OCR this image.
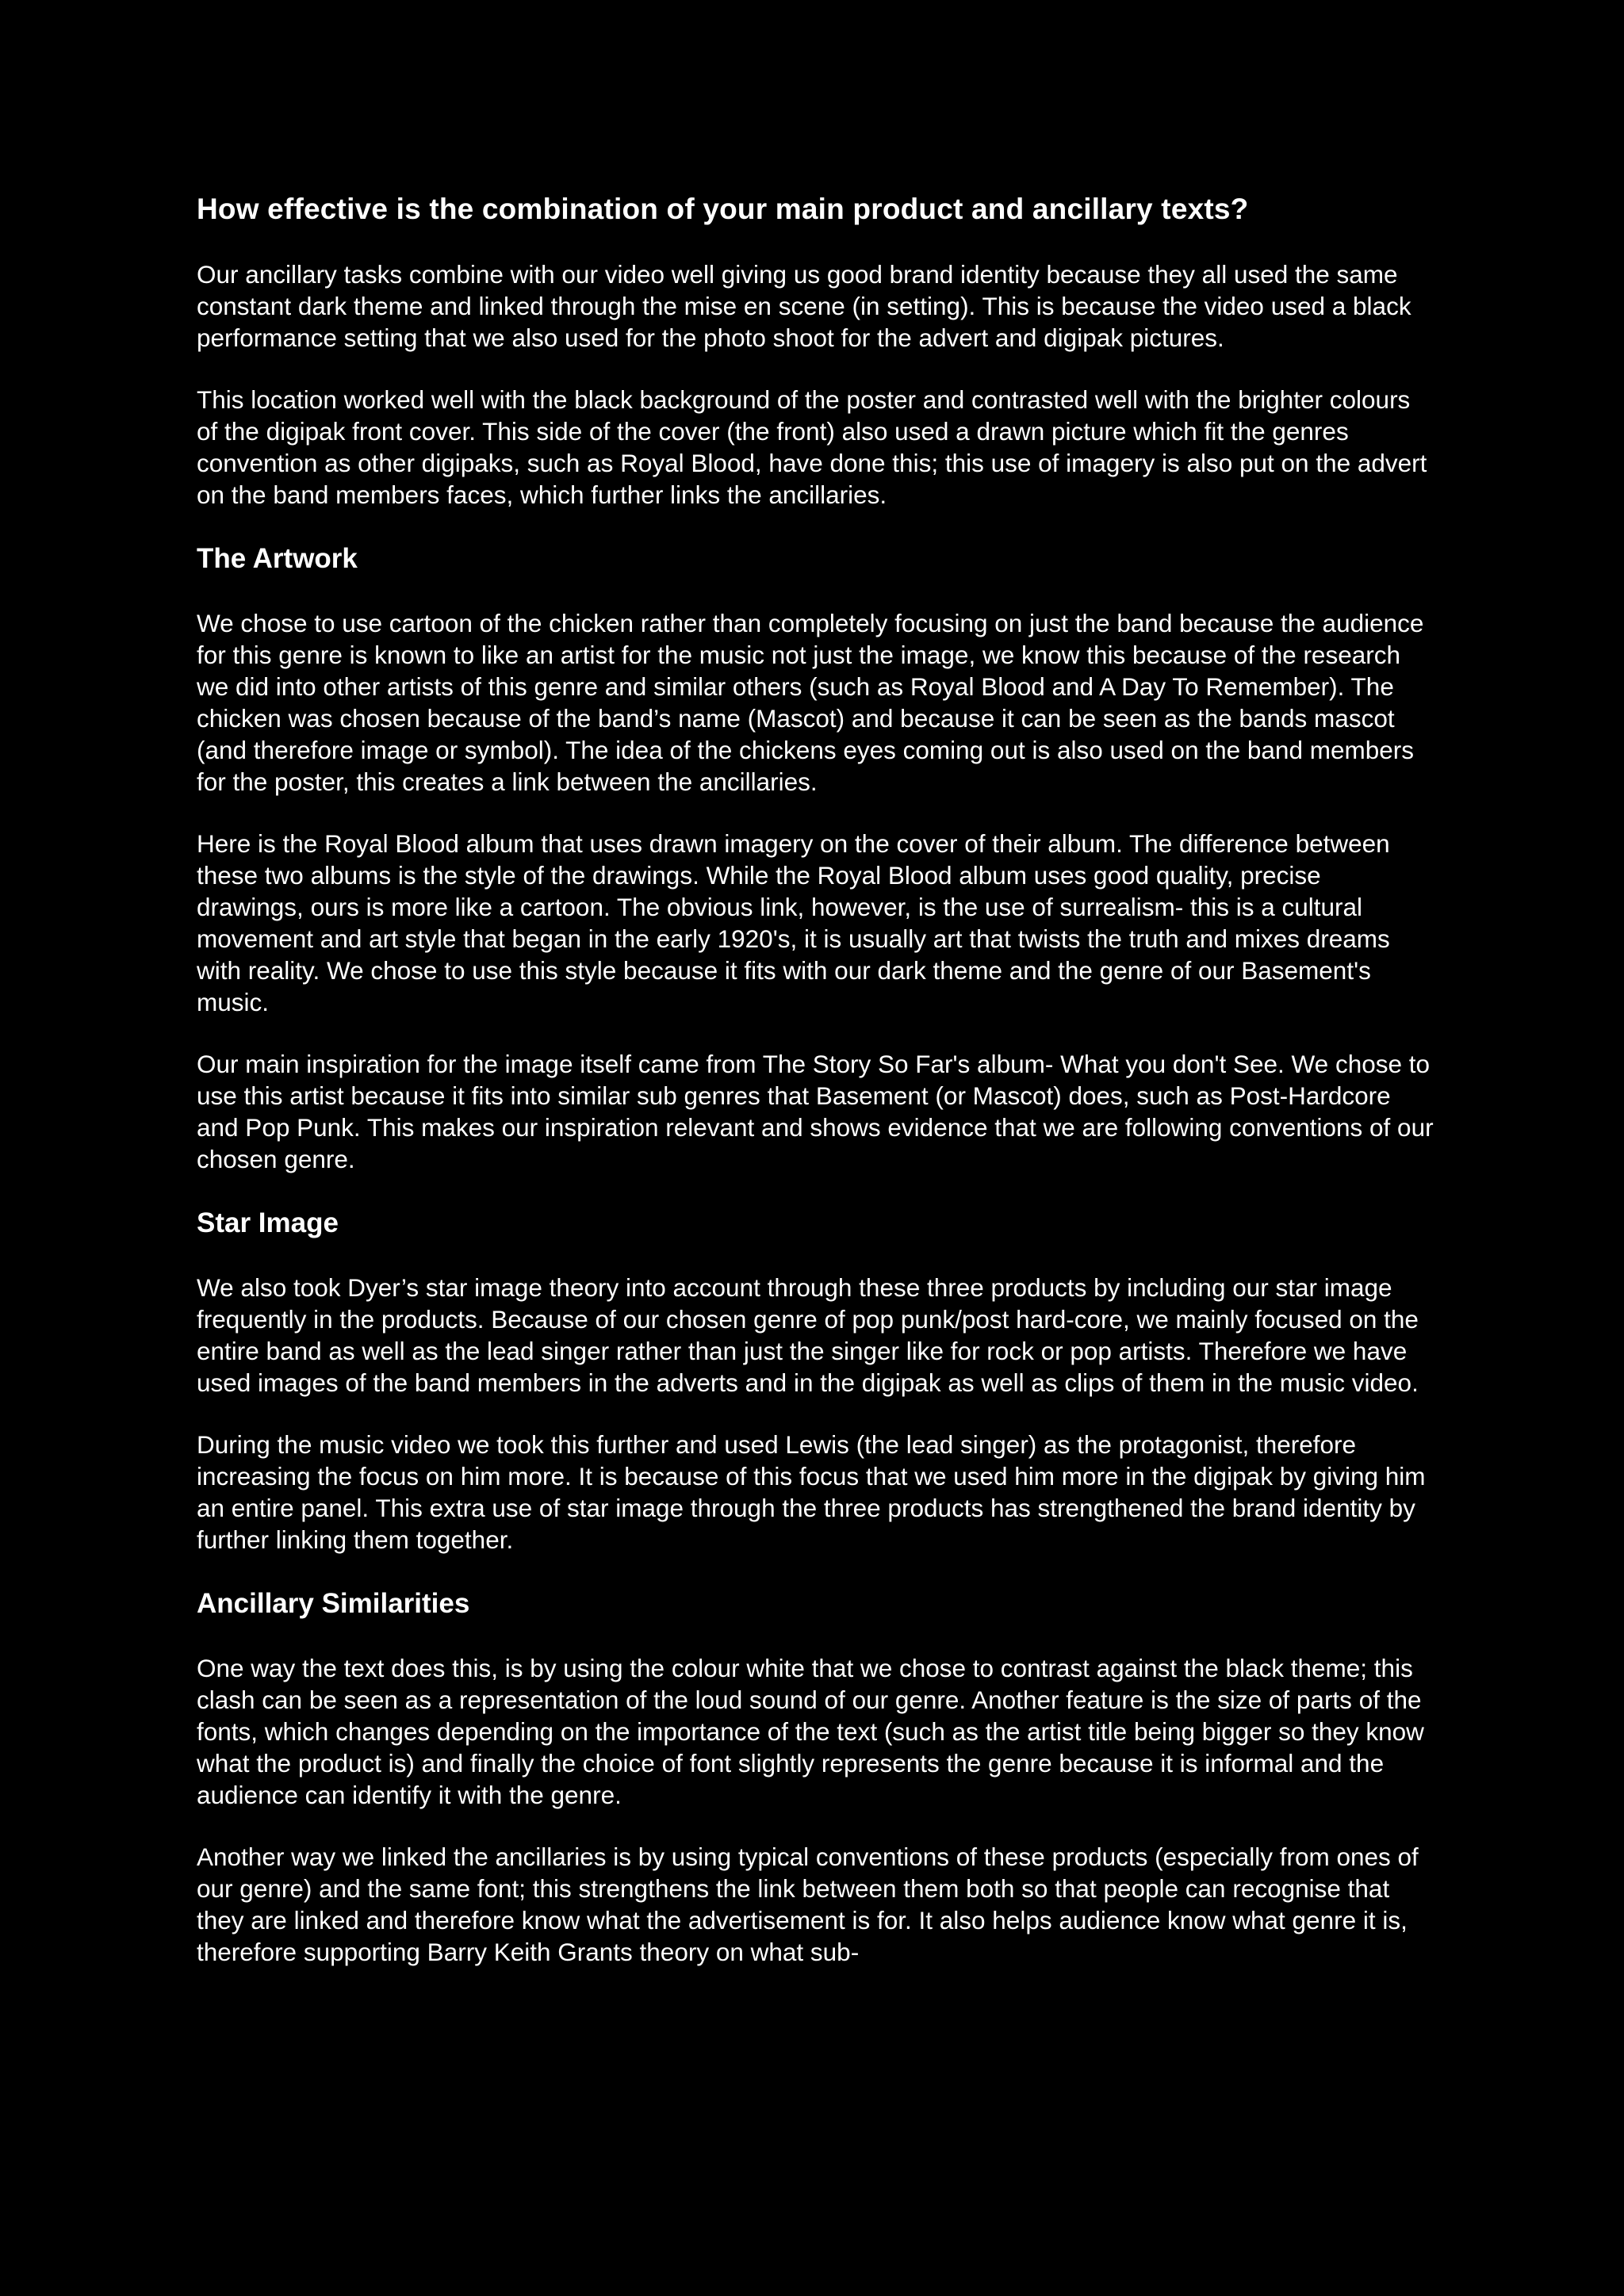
How effective is the combination of your main product and ancillary texts?

Our ancillary tasks combine with our video well giving us good brand identity because they all used the same constant dark theme and linked through the mise en scene (in setting). This is because the video used a black performance setting that we also used for the photo shoot for the advert and digipak pictures.

This location worked well with the black background of the poster and contrasted well with the brighter colours of the digipak front cover. This side of the cover (the front) also used a drawn picture which fit the genres convention as other digipaks, such as Royal Blood, have done this; this use of imagery is also put on the advert on the band members faces, which further links the ancillaries.

The Artwork

We chose to use cartoon of the chicken rather than completely focusing on just the band because the audience for this genre is known to like an artist for the music not just the image, we know this because of the research we did into other artists of this genre and similar others (such as Royal Blood and A Day To Remember). The chicken was chosen because of the band’s name (Mascot) and because it can be seen as the bands mascot (and therefore image or symbol). The idea of the chickens eyes coming out is also used on the band members for the poster, this creates a link between the ancillaries.

Here is the Royal Blood album that uses drawn imagery on the cover of their album. The difference between these two albums is the style of the drawings. While the Royal Blood album uses good quality, precise drawings, ours is more like a cartoon. The obvious link, however, is the use of surrealism- this is a cultural movement and art style that began in the early 1920's, it is usually art that twists the truth and mixes dreams with reality. We chose to use this style because it fits with our dark theme and the genre of our Basement's music.

Our main inspiration for the image itself came from The Story So Far's album- What you don't See. We chose to use this artist because it fits into similar sub genres that Basement (or Mascot) does, such as Post-Hardcore and Pop Punk. This makes our inspiration relevant and shows evidence that we are following conventions of our chosen genre.

Star Image

We also took Dyer’s star image theory into account through these three products by including our star image frequently in the products. Because of our chosen genre of pop punk/post hard-core, we mainly focused on the entire band as well as the lead singer rather than just the singer like for rock or pop artists. Therefore we have used images of the band members in the adverts and in the digipak as well as clips of them in the music video.

During the music video we took this further and used Lewis (the lead singer) as the protagonist, therefore increasing the focus on him more. It is because of this focus that we used him more in the digipak by giving him an entire panel. This extra use of star image through the three products has strengthened the brand identity by further linking them together.

Ancillary Similarities

One way the text does this, is by using the colour white that we chose to contrast against the black theme; this clash can be seen as a representation of the loud sound of our genre. Another feature is the size of parts of the fonts, which changes depending on the importance of the text (such as the artist title being bigger so they know what the product is) and finally the choice of font slightly represents the genre because it is informal and the audience can identify it with the genre.

Another way we linked the ancillaries is by using typical conventions of these products (especially from ones of our genre) and the same font; this strengthens the link between them both so that people can recognise that they are linked and therefore know what the advertisement is for. It also helps audience know what genre it is, therefore supporting Barry Keith Grants theory on what sub-
